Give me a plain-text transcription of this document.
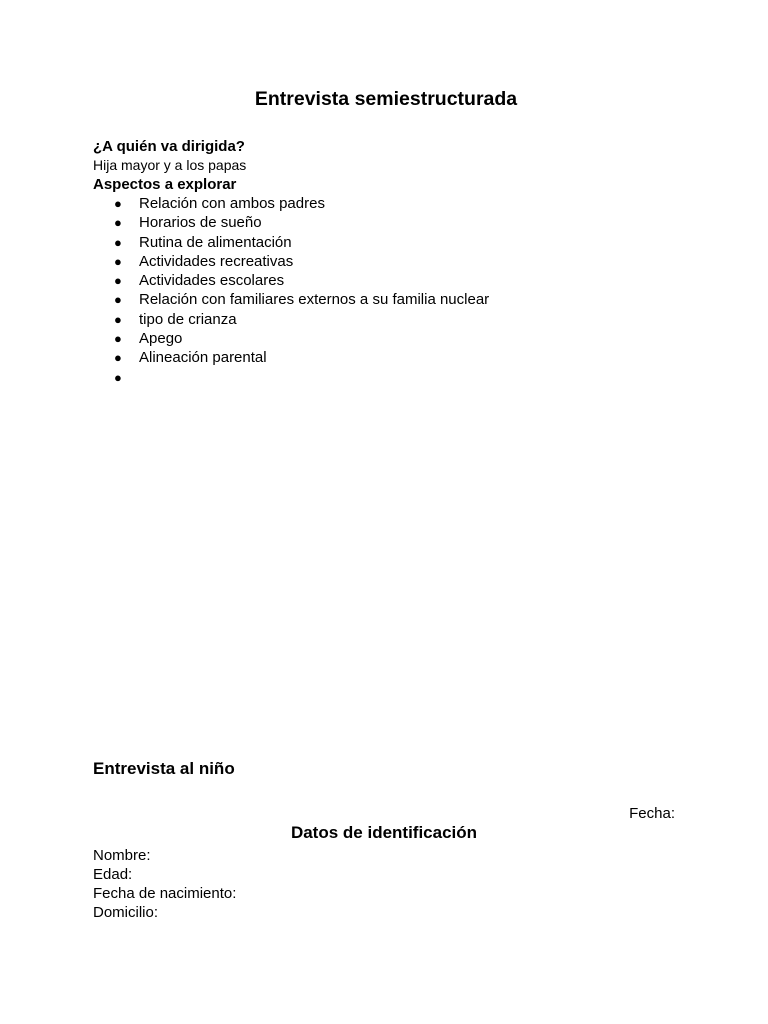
Entrevista semiestructurada
¿A quién va dirigida?
Hija mayor y a los papas
Aspectos a explorar
● Relación con ambos padres
● Horarios de sueño
● Rutina de alimentación
● Actividades recreativas
● Actividades escolares
● Relación con familiares externos a su familia nuclear
● tipo de crianza
● Apego
● Alineación parental
●
Entrevista al niño
Fecha:
Datos de identificación
Nombre:
Edad:
Fecha de nacimiento:
Domicilio:
